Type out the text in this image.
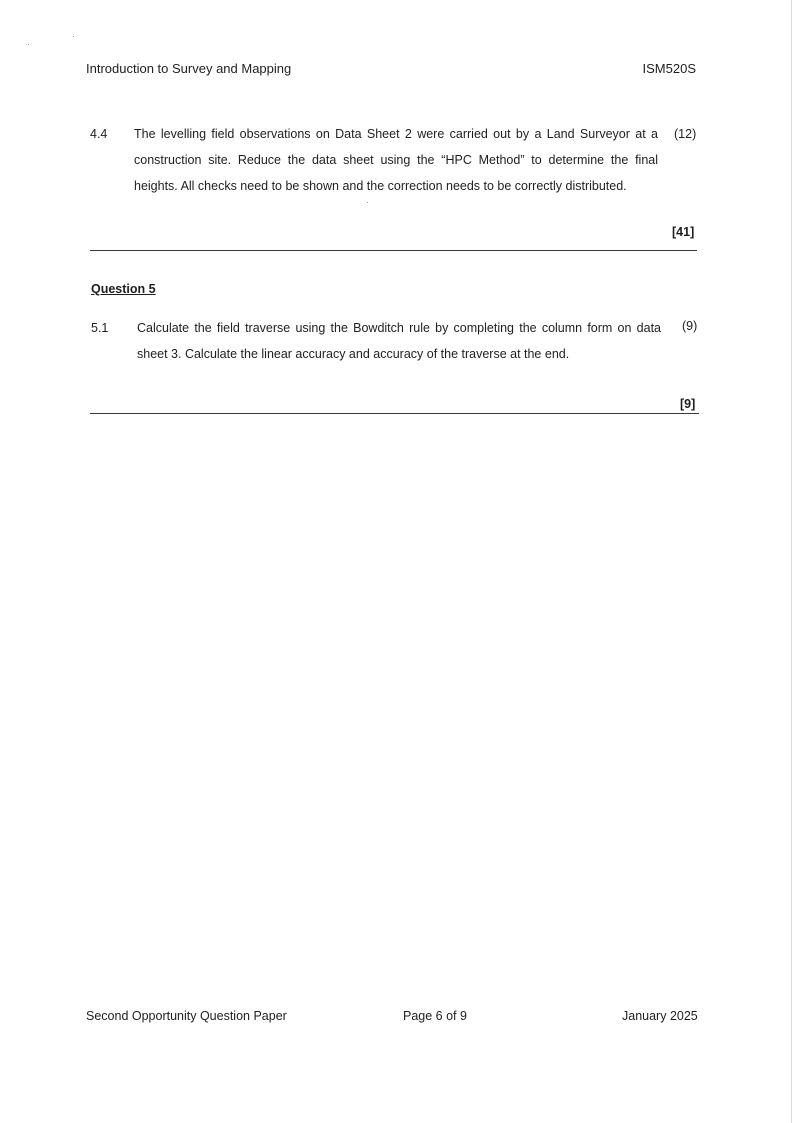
Introduction to Survey and Mapping	ISM520S
4.4 The levelling field observations on Data Sheet 2 were carried out by a Land Surveyor at a
construction site. Reduce the data sheet using the “HPC Method” to determine the final
heights. All checks need to be shown and the correction needs to be correctly distributed.
(12)
[41]
Question 5
5.1 Calculate the field traverse using the Bowditch rule by completing the column form on data
sheet 3. Calculate the linear accuracy and accuracy of the traverse at the end.
(9)
[9]
Second Opportunity Question Paper	Page 6 of 9	January 2025
